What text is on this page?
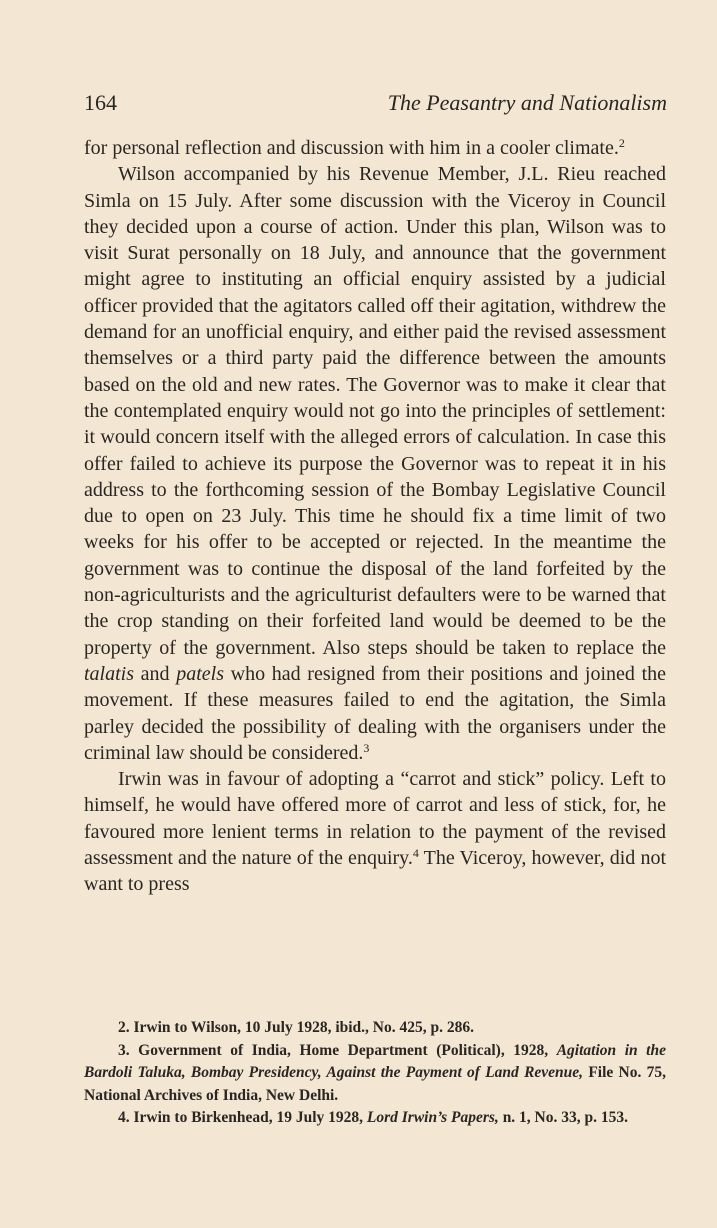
164	The Peasantry and Nationalism

for personal reflection and discussion with him in a cooler climate.$^2$

Wilson accompanied by his Revenue Member, J.L. Rieu reached Simla on 15 July. After some discussion with the Viceroy in Council they decided upon a course of action. Under this plan, Wilson was to visit Surat personally on 18 July, and announce that the government might agree to instituting an official enquiry assisted by a judicial officer provided that the agitators called off their agitation, withdrew the demand for an unofficial enquiry, and either paid the revised assessment themselves or a third party paid the difference between the amounts based on the old and new rates. The Governor was to make it clear that the contemplated enquiry would not go into the principles of settlement: it would concern itself with the alleged errors of calculation. In case this offer failed to achieve its purpose the Governor was to repeat it in his address to the forthcoming session of the Bombay Legislative Council due to open on 23 July. This time he should fix a time limit of two weeks for his offer to be accepted or rejected. In the meantime the government was to continue the disposal of the land forfeited by the non-agriculturists and the agriculturist defaulters were to be warned that the crop standing on their forfeited land would be deemed to be the property of the government. Also steps should be taken to replace the talatis and patels who had resigned from their positions and joined the movement. If these measures failed to end the agitation, the Simla parley decided the possibility of dealing with the organisers under the criminal law should be considered.$^3$

Irwin was in favour of adopting a “carrot and stick” policy. Left to himself, he would have offered more of carrot and less of stick, for, he favoured more lenient terms in relation to the payment of the revised assessment and the nature of the enquiry.$^4$ The Viceroy, however, did not want to press

2. Irwin to Wilson, 10 July 1928, ibid., No. 425, p. 286.

3. Government of India, Home Department (Political), 1928, Agitation in the Bardoli Taluka, Bombay Presidency, Against the Payment of Land Revenue, File No. 75, National Archives of India, New Delhi.

4. Irwin to Birkenhead, 19 July 1928, Lord Irwin’s Papers, n. 1, No. 33, p. 153.
